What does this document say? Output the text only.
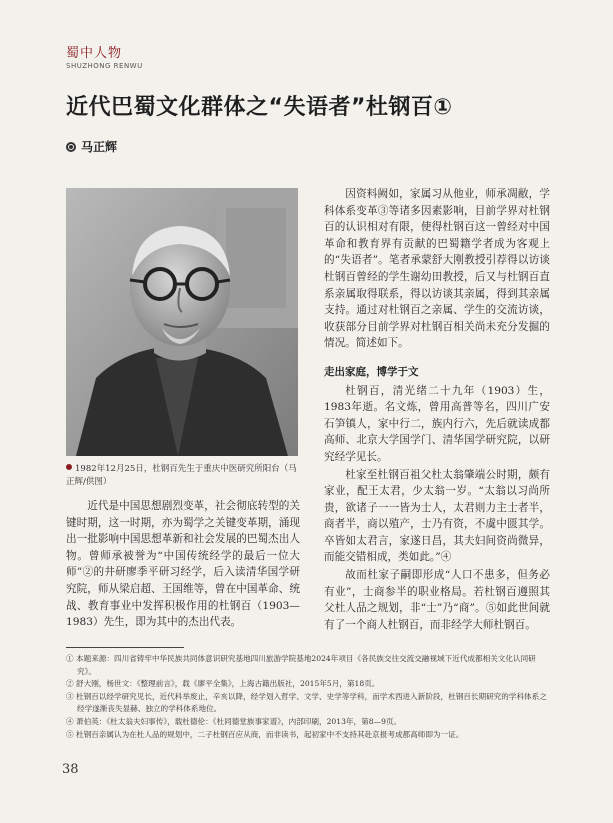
蜀中人物
SHUZHONG RENWU
近代巴蜀文化群体之“失语者”杜钢百①
马正辉
1982年12月25日，杜钢百先生于重庆中医研究所阳台（马正辉/供图）

近代是中国思想剧烈变革，社会彻底转型的关键时期，这一时期，亦为蜀学之关键变革期，涌现出一批影响中国思想革新和社会发展的巴蜀杰出人物。曾师承被誉为“中国传统经学的最后一位大师”②的井研廖季平研习经学，后入读清华国学研究院，师从梁启超、王国维等，曾在中国革命、统战、教育事业中发挥积极作用的杜钢百（1903—1983）先生，即为其中的杰出代表。

因资料阙如，家属习从他业，师承凋敝，学科体系变革③等诸多因素影响，目前学界对杜钢百的认识相对有限，使得杜钢百这一曾经对中国革命和教育界有贡献的巴蜀籍学者成为客观上的“失语者”。笔者承蒙舒大刚教授引荐得以访谈杜钢百曾经的学生谢幼田教授，后又与杜钢百直系亲属取得联系，得以访谈其亲属，得到其亲属支持。通过对杜钢百之亲属、学生的交流访谈，收获部分目前学界对杜钢百相关尚未充分发掘的情况。简述如下。

走出家庭，博学于文

杜钢百，清光绪二十九年（1903）生，1983年逝。名文炼，曾用高普等名，四川广安石笋镇人，家中行二，族内行六，先后就读成都高师、北京大学国学门、清华国学研究院，以研究经学见长。

杜家至杜钢百祖父杜太翁肇端公时期，颇有家业，配王太君，少太翁一岁。“太翁以习尚所贵，欲诸子一一皆为士人，太君则力主士者半，商者半，商以殖产，士乃有资，不虞中匮其学。卒皆如太君言，家遂日昌，其夫妇间资尚微异，而能交错相成，类如此。”④

故而杜家子嗣即形成“人口不患多，但务必有业”，士商参半的职业格局。若杜钢百遵照其父杜人品之规划，非“士”乃“商”。⑤如此世间就有了一个商人杜钢百，而非经学大师杜钢百。

① 本题来源：四川省铸牢中华民族共同体意识研究基地四川旅游学院基地2024年项目《各民族交往交流交融视域下近代成都相关文化认同研究》。
② 舒大刚，杨世文：《整理前言》，载《廖平全集》，上海古籍出版社，2015年5月，第18页。
③ 杜钢百以经学研究见长，近代科举废止，辛亥以降，经学划入哲学、文学、史学等学科，而学术西进入新阶段，杜钢百长期研究的学科体系之经学遂渐丧失显赫、独立的学科体系地位。
④ 萧伯英：《杜太翁夫妇事传》，载杜德伦：《杜同德堂族事家谱》，内部印刷，2013年，第8—9页。
⑤ 杜钢百亲属认为在杜人品的规划中，二子杜钢百应从商，而非读书，起初家中不支持其赴京报考成都高师即为一证。
38
